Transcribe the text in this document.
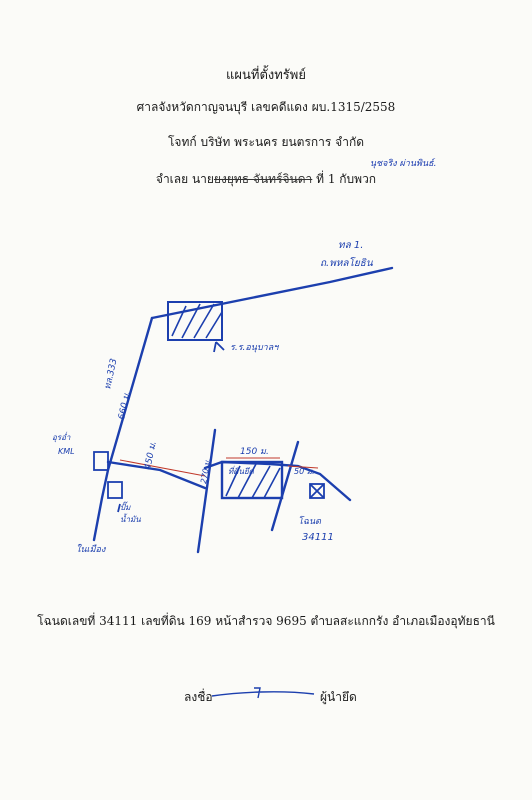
แผนที่ตั้งทรัพย์
ศาลจังหวัดกาญจนบุรี เลขคดีแดง ผบ.1315/2558
โจทก์ บริษัท พระนคร ยนตรการ จำกัด
จำเลย นายยงยุทธ จันทร์จินดา ที่ 1 กับพวก
นุชจริง ผ่านพินธ์.
ทล 1.
ถ.พหลโยธิน
ทล.333
660 ม.
ร.ร.อนุบาลฯ
450 ม.
270 ม.
150 ม.
50 ม.
ที่ดินยึด
อุรอ่ำ
KML
ปั๊ม
น้ำมัน
ในเมือง
โฉนด
34111
โฉนดเลขที่ 34111 เลขที่ดิน 169 หน้าสำรวจ 9695 ตำบลสะแกกรัง อำเภอเมืองอุทัยธานี
ลงชื่อ	ผู้นำยึด
